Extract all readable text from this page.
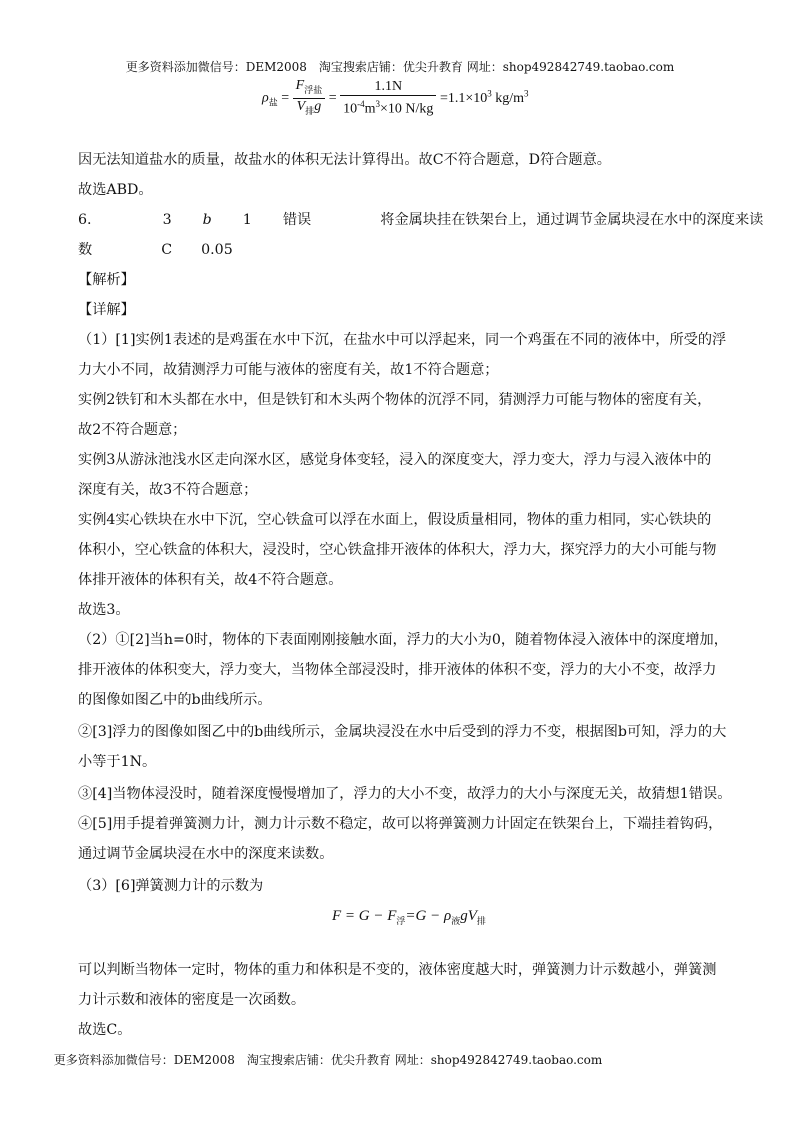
更多资料添加微信号：DEM2008　淘宝搜索店铺：优尖升教育 网址：shop492842749.taobao.com
$\rho_盐 = \frac{F_{浮盐}}{V_排g} = \frac{1.1N}{10^{-4}m^3\times 10 N/kg} =1.1\times 10^3$ $kg/m^3$
因无法知道盐水的质量，故盐水的体积无法计算得出。故C不符合题意，D符合题意。
故选ABD。
6.	3 b 1 错误	将金属块挂在铁架台上，通过调节金属块浸在水中的深度来读
数	C 0.05
【解析】
【详解】
（1）[1]实例1表述的是鸡蛋在水中下沉，在盐水中可以浮起来，同一个鸡蛋在不同的液体中，所受的浮
力大小不同，故猜测浮力可能与液体的密度有关，故1不符合题意；
实例2铁钉和木头都在水中，但是铁钉和木头两个物体的沉浮不同，猜测浮力可能与物体的密度有关，
故2不符合题意；
实例3从游泳池浅水区走向深水区，感觉身体变轻，浸入的深度变大，浮力变大，浮力与浸入液体中的
深度有关，故3不符合题意；
实例4实心铁块在水中下沉，空心铁盒可以浮在水面上，假设质量相同，物体的重力相同，实心铁块的
体积小，空心铁盒的体积大，浸没时，空心铁盒排开液体的体积大，浮力大，探究浮力的大小可能与物
体排开液体的体积有关，故4不符合题意。
故选3。
（2）①[2]当h=0时，物体的下表面刚刚接触水面，浮力的大小为0，随着物体浸入液体中的深度增加，
排开液体的体积变大，浮力变大，当物体全部浸没时，排开液体的体积不变，浮力的大小不变，故浮力
的图像如图乙中的b曲线所示。
②[3]浮力的图像如图乙中的b曲线所示，金属块浸没在水中后受到的浮力不变，根据图b可知，浮力的大
小等于1N。
③[4]当物体浸没时，随着深度慢慢增加了，浮力的大小不变，故浮力的大小与深度无关，故猜想1错误。
④[5]用手提着弹簧测力计，测力计示数不稳定，故可以将弹簧测力计固定在铁架台上，下端挂着钩码，
通过调节金属块浸在水中的深度来读数。
（3）[6]弹簧测力计的示数为
$F = G - F_浮=G - \rho_液gV_排$
可以判断当物体一定时，物体的重力和体积是不变的，液体密度越大时，弹簧测力计示数越小，弹簧测
力计示数和液体的密度是一次函数。
故选C。
更多资料添加微信号：DEM2008　淘宝搜索店铺：优尖升教育 网址：shop492842749.taobao.com
